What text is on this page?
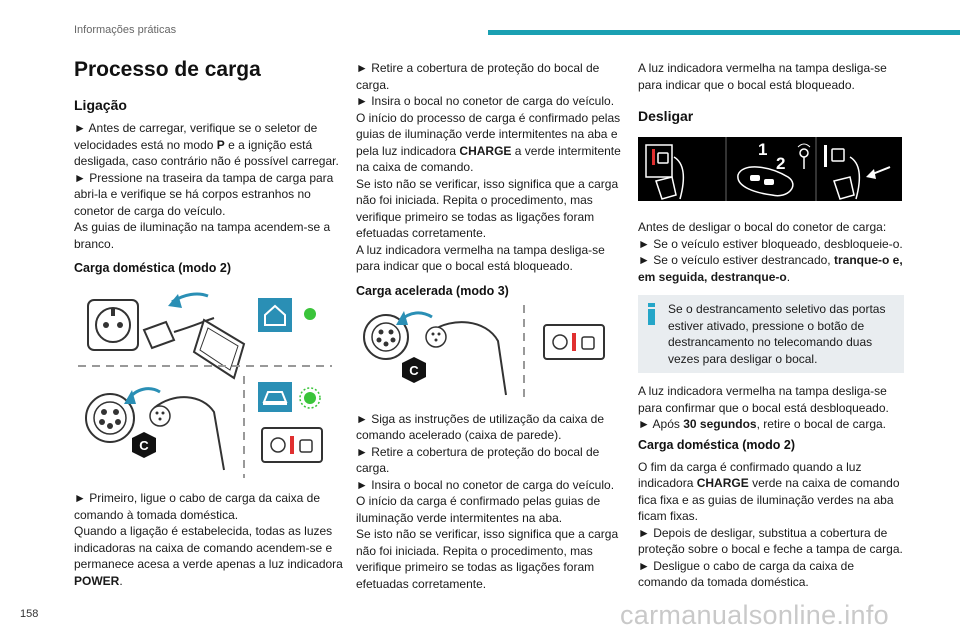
Informações práticas
Processo de carga
Ligação

► Antes de carregar, verifique se o seletor de velocidades está no modo P e a ignição está desligada, caso contrário não é possível carregar.

► Pressione na traseira da tampa de carga para abri-la e verifique se há corpos estranhos no conetor de carga do veículo.

As guias de iluminação na tampa acendem-se a branco.

Carga doméstica (modo 2)
C

► Primeiro, ligue o cabo de carga da caixa de comando à tomada doméstica.

Quando a ligação é estabelecida, todas as luzes indicadoras na caixa de comando acendem-se e permanece acesa a verde apenas a luz indicadora POWER.

► Retire a cobertura de proteção do bocal de carga.

► Insira o bocal no conetor de carga do veículo.

O início do processo de carga é confirmado pelas guias de iluminação verde intermitentes na aba e pela luz indicadora CHARGE a verde intermitente na caixa de comando.

Se isto não se verificar, isso significa que a carga não foi iniciada. Repita o procedimento, mas verifique primeiro se todas as ligações foram efetuadas corretamente.

A luz indicadora vermelha na tampa desliga-se para indicar que o bocal está bloqueado.

Carga acelerada (modo 3)
C

► Siga as instruções de utilização da caixa de comando acelerado (caixa de parede).

► Retire a cobertura de proteção do bocal de carga.

► Insira o bocal no conetor de carga do veículo.

O início da carga é confirmado pelas guias de iluminação verde intermitentes na aba.

Se isto não se verificar, isso significa que a carga não foi iniciada. Repita o procedimento, mas verifique primeiro se todas as ligações foram efetuadas corretamente.

A luz indicadora vermelha na tampa desliga-se para indicar que o bocal está bloqueado.

Desligar
1
2

Antes de desligar o bocal do conetor de carga:

► Se o veículo estiver bloqueado, desbloqueie-o.

► Se o veículo estiver destrancado, tranque-o e, em seguida, destranque-o.

Se o destrancamento seletivo das portas estiver ativado, pressione o botão de destrancamento no telecomando duas vezes para desligar o bocal.

A luz indicadora vermelha na tampa desliga-se para confirmar que o bocal está desbloqueado.

► Após 30 segundos, retire o bocal de carga.

Carga doméstica (modo 2)

O fim da carga é confirmado quando a luz indicadora CHARGE verde na caixa de comando fica fixa e as guias de iluminação verdes na aba ficam fixas.

► Depois de desligar, substitua a cobertura de proteção sobre o bocal e feche a tampa de carga.

► Desligue o cabo de carga da caixa de comando da tomada doméstica.

158	carmanualsonline.info
